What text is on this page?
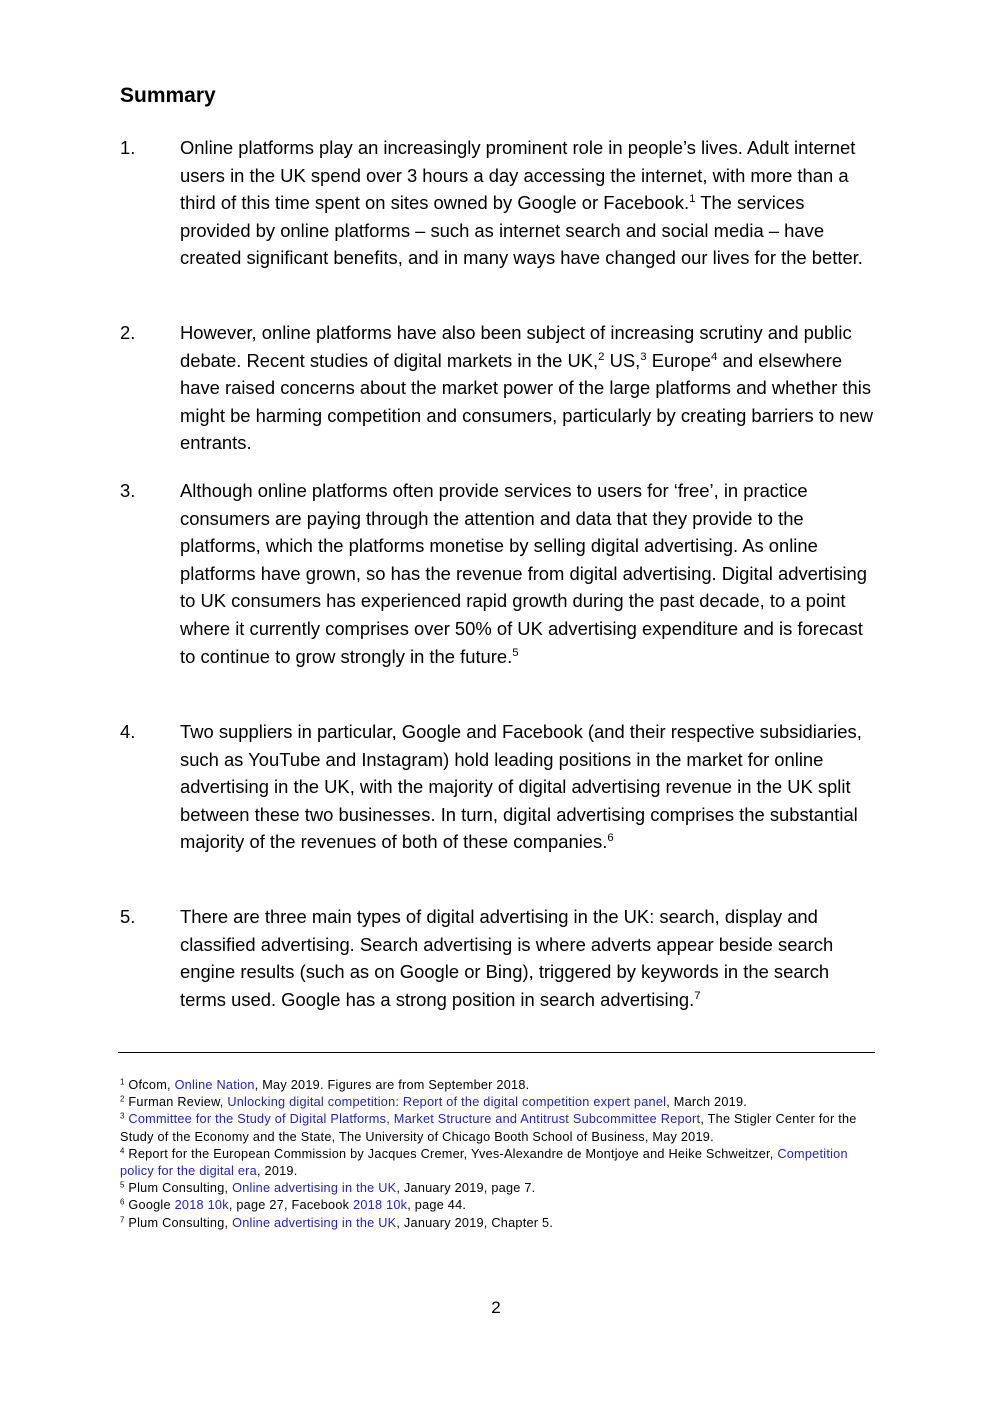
Summary
1. Online platforms play an increasingly prominent role in people’s lives. Adult internet users in the UK spend over 3 hours a day accessing the internet, with more than a third of this time spent on sites owned by Google or Facebook.$^1$ The services provided by online platforms – such as internet search and social media – have created significant benefits, and in many ways have changed our lives for the better.
2. However, online platforms have also been subject of increasing scrutiny and public debate. Recent studies of digital markets in the UK,$^2$ US,$^3$ Europe$^4$ and elsewhere have raised concerns about the market power of the large platforms and whether this might be harming competition and consumers, particularly by creating barriers to new entrants.
3. Although online platforms often provide services to users for ‘free’, in practice consumers are paying through the attention and data that they provide to the platforms, which the platforms monetise by selling digital advertising. As online platforms have grown, so has the revenue from digital advertising. Digital advertising to UK consumers has experienced rapid growth during the past decade, to a point where it currently comprises over 50% of UK advertising expenditure and is forecast to continue to grow strongly in the future.$^5$
4. Two suppliers in particular, Google and Facebook (and their respective subsidiaries, such as YouTube and Instagram) hold leading positions in the market for online advertising in the UK, with the majority of digital advertising revenue in the UK split between these two businesses. In turn, digital advertising comprises the substantial majority of the revenues of both of these companies.$^6$
5. There are three main types of digital advertising in the UK: search, display and classified advertising. Search advertising is where adverts appear beside search engine results (such as on Google or Bing), triggered by keywords in the search terms used. Google has a strong position in search advertising.$^7$

$^1$ Ofcom, Online Nation, May 2019. Figures are from September 2018.

$^2$ Furman Review, Unlocking digital competition: Report of the digital competition expert panel, March 2019.

$^3$ Committee for the Study of Digital Platforms, Market Structure and Antitrust Subcommittee Report, The Stigler Center for the Study of the Economy and the State, The University of Chicago Booth School of Business, May 2019.

$^4$ Report for the European Commission by Jacques Cremer, Yves-Alexandre de Montjoye and Heike Schweitzer, Competition policy for the digital era, 2019.

$^5$ Plum Consulting, Online advertising in the UK, January 2019, page 7.

$^6$ Google 2018 10k, page 27, Facebook 2018 10k, page 44.

$^7$ Plum Consulting, Online advertising in the UK, January 2019, Chapter 5.

2
